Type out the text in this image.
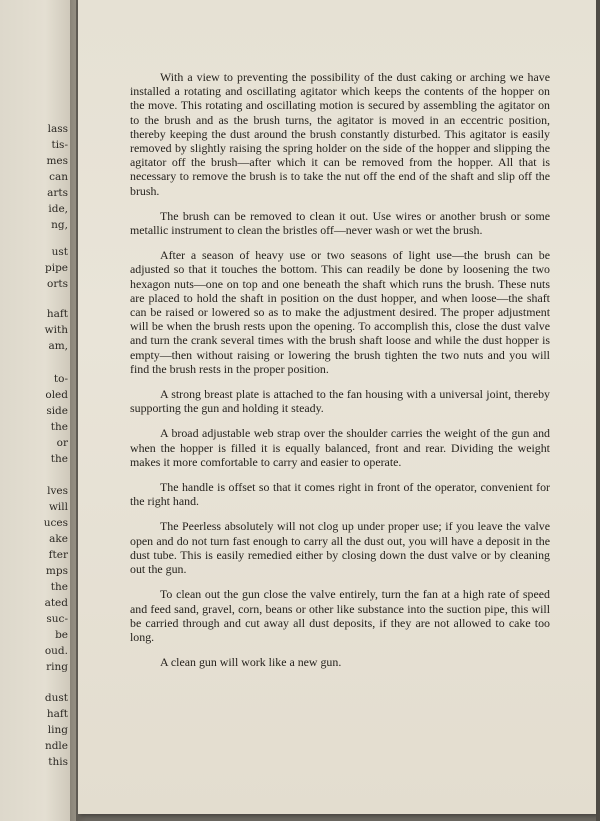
lass

tis-

mes

can

arts

ide,

ng,

ust

pipe

orts

haft

with

am,

to-

oled

side

the

or

the

lves

will

uces

ake

fter

mps

the

ated

suc-

be

oud.

ring

dust

haft

ling

ndle

this

With a view to preventing the possibility of the dust caking or arching we have installed a rotating and oscillating agitator which keeps the contents of the hopper on the move. This rotating and oscillating motion is secured by assembling the agitator on to the brush and as the brush turns, the agitator is moved in an eccentric position, thereby keeping the dust around the brush constantly disturbed. This agitator is easily removed by slightly raising the spring holder on the side of the hopper and slipping the agitator off the brush—after which it can be removed from the hopper. All that is necessary to remove the brush is to take the nut off the end of the shaft and slip off the brush.

The brush can be removed to clean it out. Use wires or another brush or some metallic instrument to clean the bristles off—never wash or wet the brush.

After a season of heavy use or two seasons of light use—the brush can be adjusted so that it touches the bottom. This can readily be done by loosening the two hexagon nuts—one on top and one beneath the shaft which runs the brush. These nuts are placed to hold the shaft in position on the dust hopper, and when loose—the shaft can be raised or lowered so as to make the adjustment desired. The proper adjustment will be when the brush rests upon the opening. To accomplish this, close the dust valve and turn the crank several times with the brush shaft loose and while the dust hopper is empty—then without raising or lowering the brush tighten the two nuts and you will find the brush rests in the proper position.

A strong breast plate is attached to the fan housing with a universal joint, thereby supporting the gun and holding it steady.

A broad adjustable web strap over the shoulder carries the weight of the gun and when the hopper is filled it is equally balanced, front and rear. Dividing the weight makes it more comfortable to carry and easier to operate.

The handle is offset so that it comes right in front of the operator, convenient for the right hand.

The Peerless absolutely will not clog up under proper use; if you leave the valve open and do not turn fast enough to carry all the dust out, you will have a deposit in the dust tube. This is easily remedied either by closing down the dust valve or by cleaning out the gun.

To clean out the gun close the valve entirely, turn the fan at a high rate of speed and feed sand, gravel, corn, beans or other like substance into the suction pipe, this will be carried through and cut away all dust deposits, if they are not allowed to cake too long.

A clean gun will work like a new gun.
